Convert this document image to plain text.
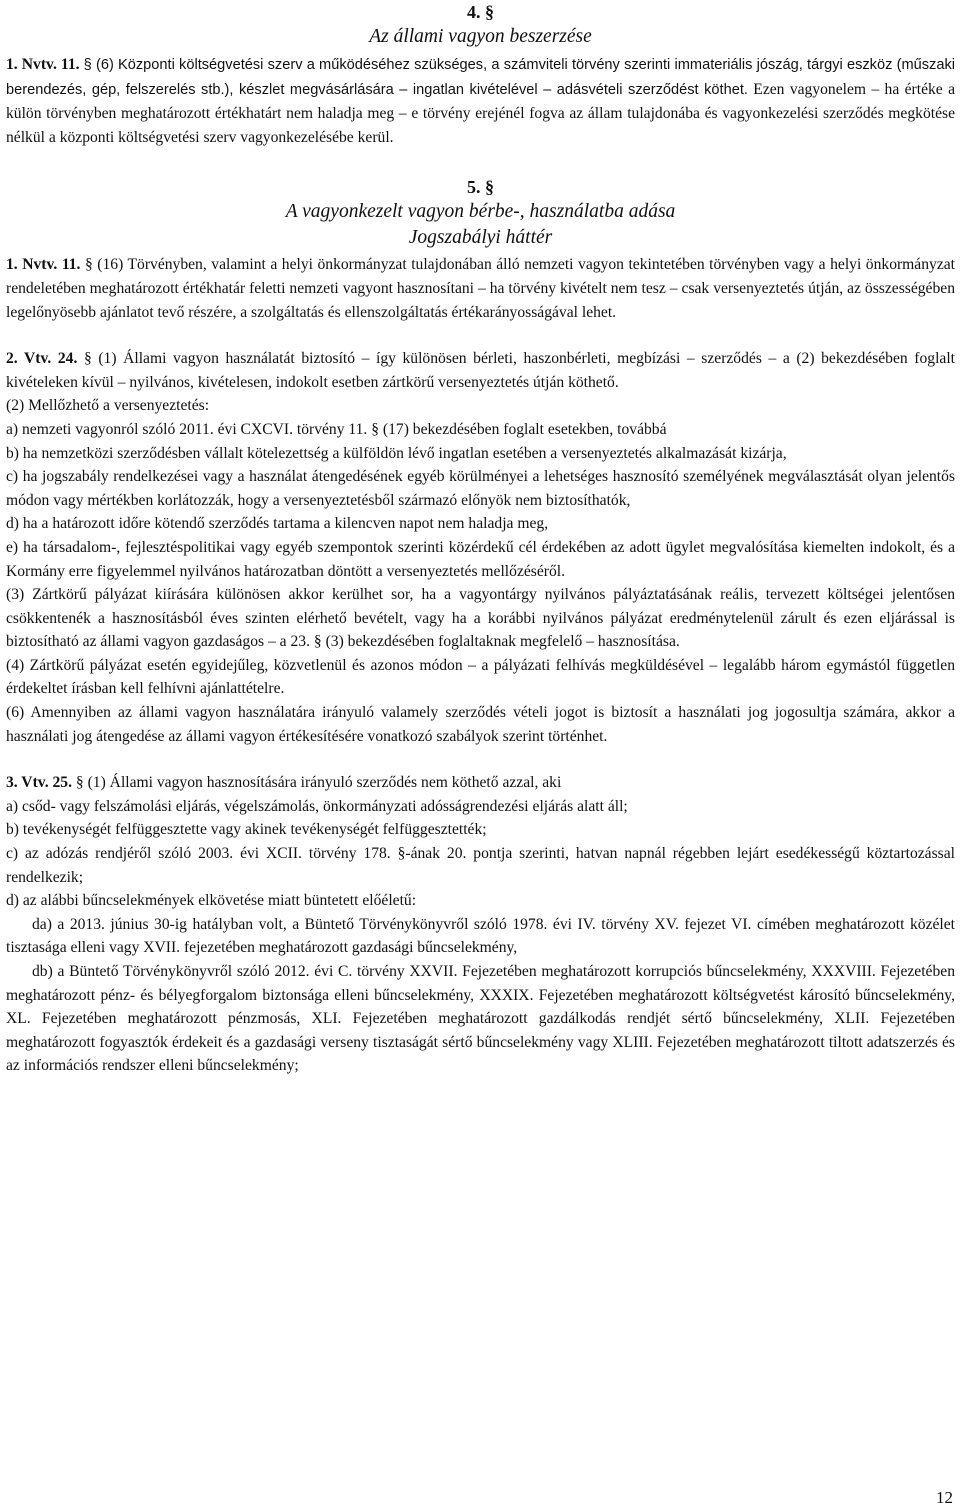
4. §
Az állami vagyon beszerzése

1. Nvtv. 11. § (6) Központi költségvetési szerv a működéséhez szükséges, a számviteli törvény szerinti immateriális jószág, tárgyi eszköz (műszaki berendezés, gép, felszerelés stb.), készlet megvásárlására – ingatlan kivételével – adásvételi szerződést köthet. Ezen vagyonelem – ha értéke a külön törvényben meghatározott értékhatárt nem haladja meg – e törvény erejénél fogva az állam tulajdonába és vagyonkezelési szerződés megkötése nélkül a központi költségvetési szerv vagyonkezelésébe kerül.

5. §
A vagyonkezelt vagyon bérbe-, használatba adása
Jogszabályi háttér

1. Nvtv. 11. § (16) Törvényben, valamint a helyi önkormányzat tulajdonában álló nemzeti vagyon tekintetében törvényben vagy a helyi önkormányzat rendeletében meghatározott értékhatár feletti nemzeti vagyont hasznosítani – ha törvény kivételt nem tesz – csak versenyeztetés útján, az összességében legelőnyösebb ajánlatot tevő részére, a szolgáltatás és ellenszolgáltatás értékarányosságával lehet.

2. Vtv. 24. § (1) Állami vagyon használatát biztosító – így különösen bérleti, haszonbérleti, megbízási – szerződés – a (2) bekezdésében foglalt kivételeken kívül – nyilvános, kivételesen, indokolt esetben zártkörű versenyeztetés útján köthető.

(2) Mellőzhető a versenyeztetés:

a) nemzeti vagyonról szóló 2011. évi CXCVI. törvény 11. § (17) bekezdésében foglalt esetekben, továbbá

b) ha nemzetközi szerződésben vállalt kötelezettség a külföldön lévő ingatlan esetében a versenyeztetés alkalmazását kizárja,

c) ha jogszabály rendelkezései vagy a használat átengedésének egyéb körülményei a lehetséges hasznosító személyének megválasztását olyan jelentős módon vagy mértékben korlátozzák, hogy a versenyeztetésből származó előnyök nem biztosíthatók,

d) ha a határozott időre kötendő szerződés tartama a kilencven napot nem haladja meg,

e) ha társadalom-, fejlesztéspolitikai vagy egyéb szempontok szerinti közérdekű cél érdekében az adott ügylet megvalósítása kiemelten indokolt, és a Kormány erre figyelemmel nyilvános határozatban döntött a versenyeztetés mellőzéséről.

(3) Zártkörű pályázat kiírására különösen akkor kerülhet sor, ha a vagyontárgy nyilvános pályáztatásának reális, tervezett költségei jelentősen csökkentenék a hasznosításból éves szinten elérhető bevételt, vagy ha a korábbi nyilvános pályázat eredménytelenül zárult és ezen eljárással is biztosítható az állami vagyon gazdaságos – a 23. § (3) bekezdésében foglaltaknak megfelelő – hasznosítása.

(4) Zártkörű pályázat esetén egyidejűleg, közvetlenül és azonos módon – a pályázati felhívás megküldésével – legalább három egymástól független érdekeltet írásban kell felhívni ajánlattételre.

(6) Amennyiben az állami vagyon használatára irányuló valamely szerződés vételi jogot is biztosít a használati jog jogosultja számára, akkor a használati jog átengedése az állami vagyon értékesítésére vonatkozó szabályok szerint történhet.

3. Vtv. 25. § (1) Állami vagyon hasznosítására irányuló szerződés nem köthető azzal, aki

a) csőd- vagy felszámolási eljárás, végelszámolás, önkormányzati adósságrendezési eljárás alatt áll;

b) tevékenységét felfüggesztette vagy akinek tevékenységét felfüggesztették;

c) az adózás rendjéről szóló 2003. évi XCII. törvény 178. §-ának 20. pontja szerinti, hatvan napnál régebben lejárt esedékességű köztartozással rendelkezik;

d) az alábbi bűncselekmények elkövetése miatt büntetett előéletű:

da) a 2013. június 30-ig hatályban volt, a Büntető Törvénykönyvről szóló 1978. évi IV. törvény XV. fejezet VI. címében meghatározott közélet tisztasága elleni vagy XVII. fejezetében meghatározott gazdasági bűncselekmény,

db) a Büntető Törvénykönyvről szóló 2012. évi C. törvény XXVII. Fejezetében meghatározott korrupciós bűncselekmény, XXXVIII. Fejezetében meghatározott pénz- és bélyegforgalom biztonsága elleni bűncselekmény, XXXIX. Fejezetében meghatározott költségvetést károsító bűncselekmény, XL. Fejezetében meghatározott pénzmosás, XLI. Fejezetében meghatározott gazdálkodás rendjét sértő bűncselekmény, XLII. Fejezetében meghatározott fogyasztók érdekeit és a gazdasági verseny tisztaságát sértő bűncselekmény vagy XLIII. Fejezetében meghatározott tiltott adatszerzés és az információs rendszer elleni bűncselekmény;

12
